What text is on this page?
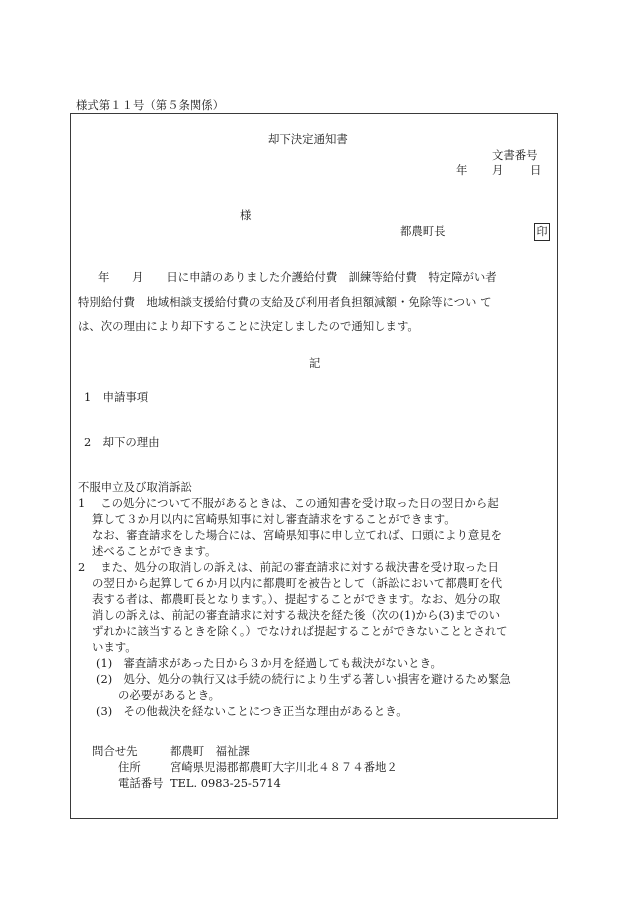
様式第１１号（第５条関係）
却下決定通知書
文書番号
年 月 日
様
都農町長	印
年　　月　　日に申請のありました介護給付費　訓練等給付費　特定障がい者
特別給付費　地域相談支援給付費の支給及び利用者負担額減額・免除等につい て
は、次の理由により却下することに決定しましたので通知します。
記
1　申請事項
2　却下の理由
不服申立及び取消訴訟
1　 この処分について不服があるときは、この通知書を受け取った日の翌日から起
算して３か月以内に宮崎県知事に対し審査請求をすることができます。
なお、審査請求をした場合には、宮崎県知事に申し立てれば、口頭により意見を
述べることができます。
2　 また、処分の取消しの訴えは、前記の審査請求に対する裁決書を受け取った日
の翌日から起算して６か月以内に都農町を被告として（訴訟において都農町を代
表する者は、都農町長となります。）、提起することができます。なお、処分の取
消しの訴えは、前記の審査請求に対する裁決を経た後（次の(1)から(3)までのい
ずれかに該当するときを除く。）でなければ提起することができないこととされて
います。
(1)　審査請求があった日から３か月を経過しても裁決がないとき。
(2)　処分、処分の執行又は手続の続行により生ずる著しい損害を避けるため緊急
の必要があるとき。
(3)　その他裁決を経ないことにつき正当な理由があるとき。
問合せ先	都農町　福祉課
住所	宮崎県児湯郡都農町大字川北４８７４番地２
電話番号 TEL. 0983-25-5714
